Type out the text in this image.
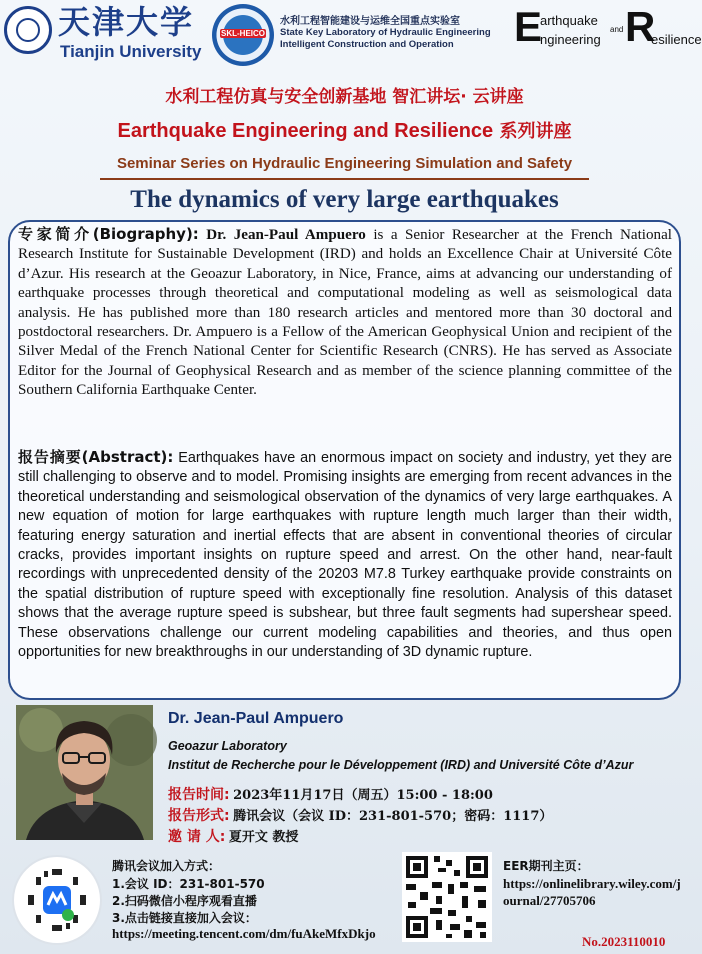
天津大学
Tianjin University
SKL-HEICO
水利工程智能建设与运维全国重点实验室
State Key Laboratory of Hydraulic Engineering Intelligent Construction and Operation	E
arthquake
ngineering
and R
esilience
水利工程仿真与安全创新基地 智汇讲坛· 云讲座
Earthquake Engineering and Resilience 系列讲座
Seminar Series on Hydraulic Engineering Simulation and Safety
The dynamics of very large earthquakes
专家简介(Biography): Dr. Jean-Paul Ampuero is a Senior Researcher at the French National Research Institute for Sustainable Development (IRD) and holds an Excellence Chair at Université Côte d’Azur. His research at the Geoazur Laboratory, in Nice, France, aims at advancing our understanding of earthquake processes through theoretical and computational modeling as well as seismological data analysis. He has published more than 180 research articles and mentored more than 30 doctoral and postdoctoral researchers. Dr. Ampuero is a Fellow of the American Geophysical Union and recipient of the Silver Medal of the French National Center for Scientific Research (CNRS). He has served as Associate Editor for the Journal of Geophysical Research and as member of the science planning committee of the Southern California Earthquake Center.
报告摘要(Abstract): Earthquakes have an enormous impact on society and industry, yet they are still challenging to observe and to model. Promising insights are emerging from recent advances in the theoretical understanding and seismological observation of the dynamics of very large earthquakes. A new equation of motion for large earthquakes with rupture length much larger than their width, featuring energy saturation and inertial effects that are absent in conventional theories of circular cracks, provides important insights on rupture speed and arrest. On the other hand, near-fault recordings with unprecedented density of the 20203 M7.8 Turkey earthquake provide constraints on the spatial distribution of rupture speed with exceptionally fine resolution. Analysis of this dataset shows that the average rupture speed is subshear, but three fault segments had supershear speed. These observations challenge our current modeling capabilities and theories, and thus open opportunities for new breakthroughs in our understanding of 3D dynamic rupture.
Dr. Jean-Paul Ampuero
Geoazur Laboratory
Institut de Recherche pour le Développement (IRD) and Université Côte d’Azur
报告时间: 2023年11月17日（周五）15:00 - 18:00
报告形式: 腾讯会议（会议 ID：231-801-570；密码：1117）
邀 请 人: 夏开文 教授
腾讯会议加入方式：
1.会议 ID：231-801-570
2.扫码微信小程序观看直播
3.点击链接直接加入会议：
https://meeting.tencent.com/dm/fuAkeMfxDkjo
EER期刊主页：
https://onlinelibrary.wiley.com/journal/27705706
No.2023110010
